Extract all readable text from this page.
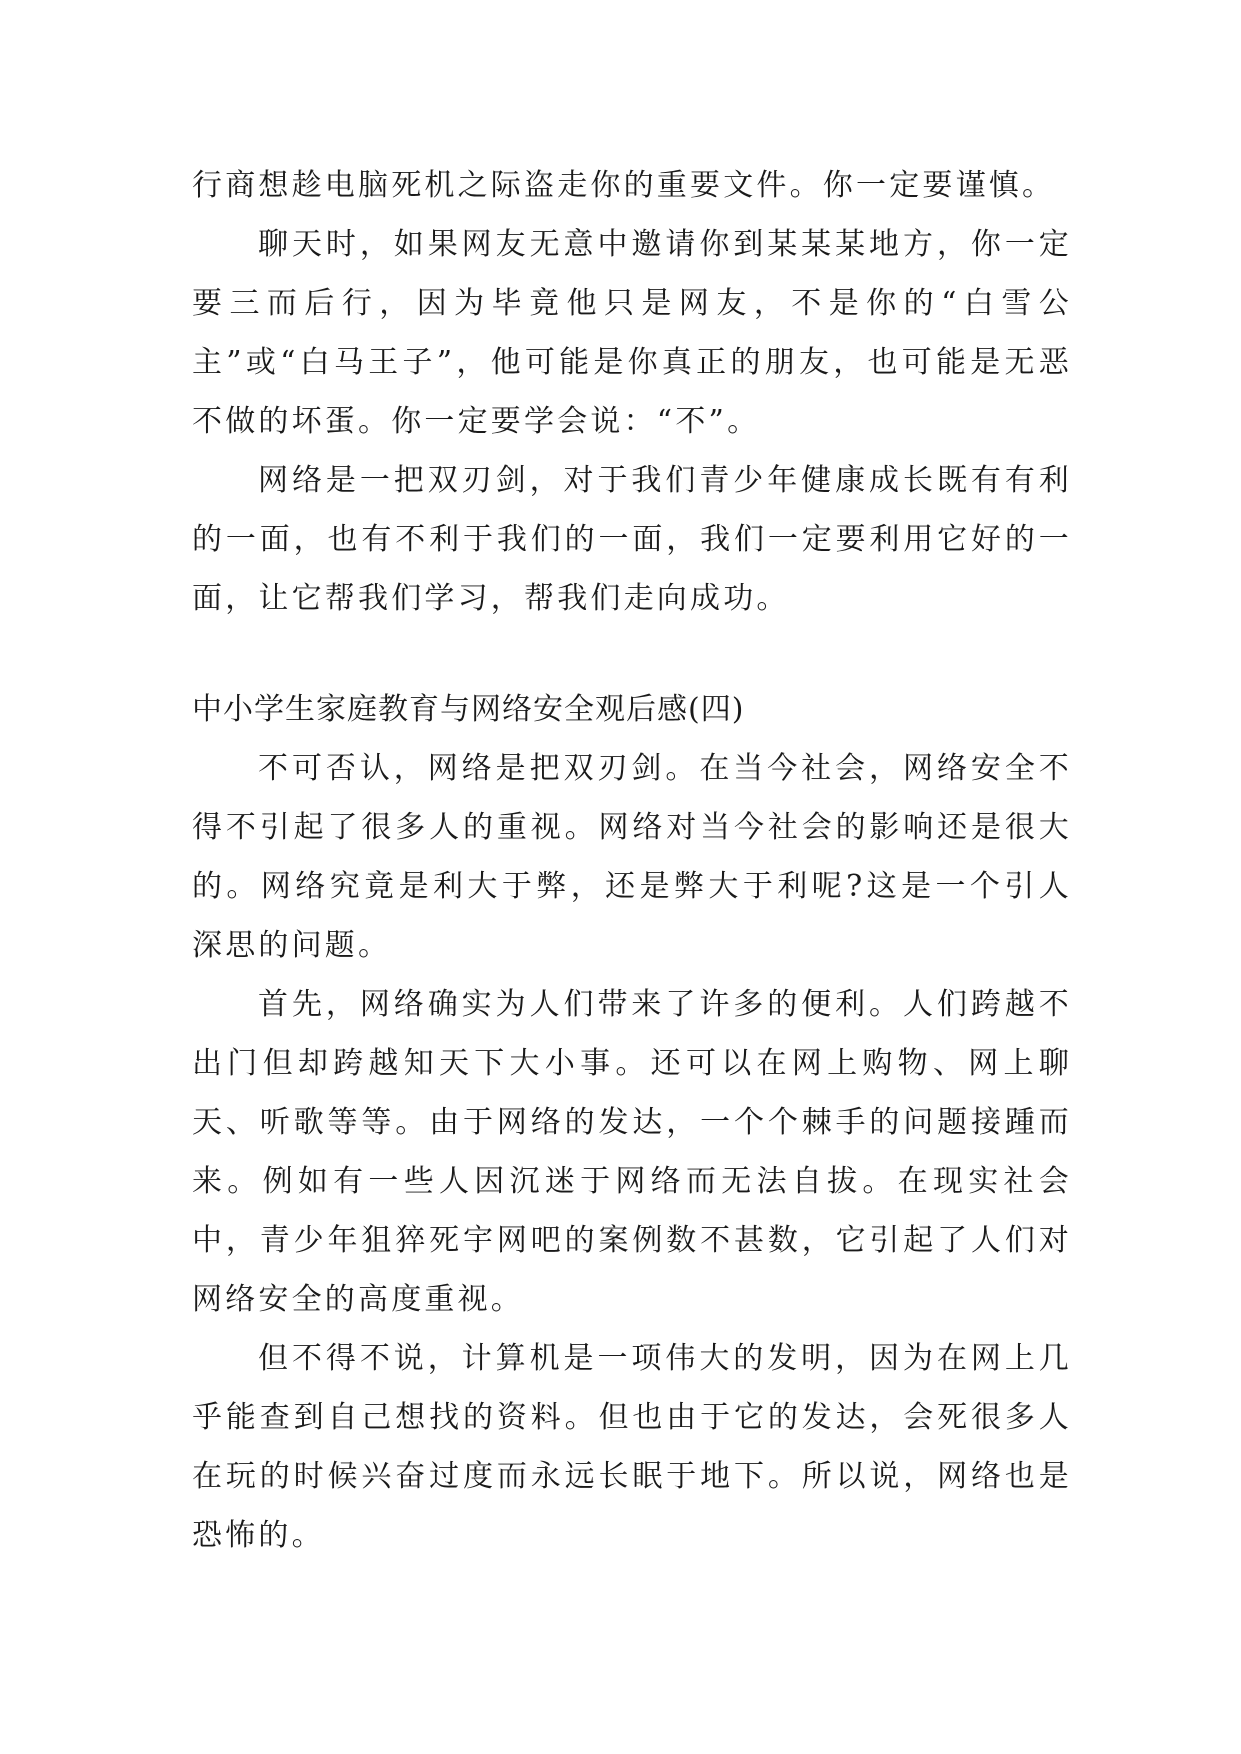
行商想趁电脑死机之际盗走你的重要文件。你一定要谨慎。

聊天时，如果网友无意中邀请你到某某某地方，你一定要三而后行，因为毕竟他只是网友，不是你的“白雪公主”或“白马王子”，他可能是你真正的朋友，也可能是无恶不做的坏蛋。你一定要学会说：“不”。

网络是一把双刃剑，对于我们青少年健康成长既有有利的一面，也有不利于我们的一面，我们一定要利用它好的一面，让它帮我们学习，帮我们走向成功。

中小学生家庭教育与网络安全观后感(四)

不可否认，网络是把双刃剑。在当今社会，网络安全不得不引起了很多人的重视。网络对当今社会的影响还是很大的。网络究竟是利大于弊，还是弊大于利呢?这是一个引人深思的问题。

首先，网络确实为人们带来了许多的便利。人们跨越不出门但却跨越知天下大小事。还可以在网上购物、网上聊天、听歌等等。由于网络的发达，一个个棘手的问题接踵而来。例如有一些人因沉迷于网络而无法自拔。在现实社会中，青少年狙猝死宇网吧的案例数不甚数，它引起了人们对网络安全的高度重视。

但不得不说，计算机是一项伟大的发明，因为在网上几乎能查到自己想找的资料。但也由于它的发达，会死很多人在玩的时候兴奋过度而永远长眠于地下。所以说，网络也是恐怖的。
